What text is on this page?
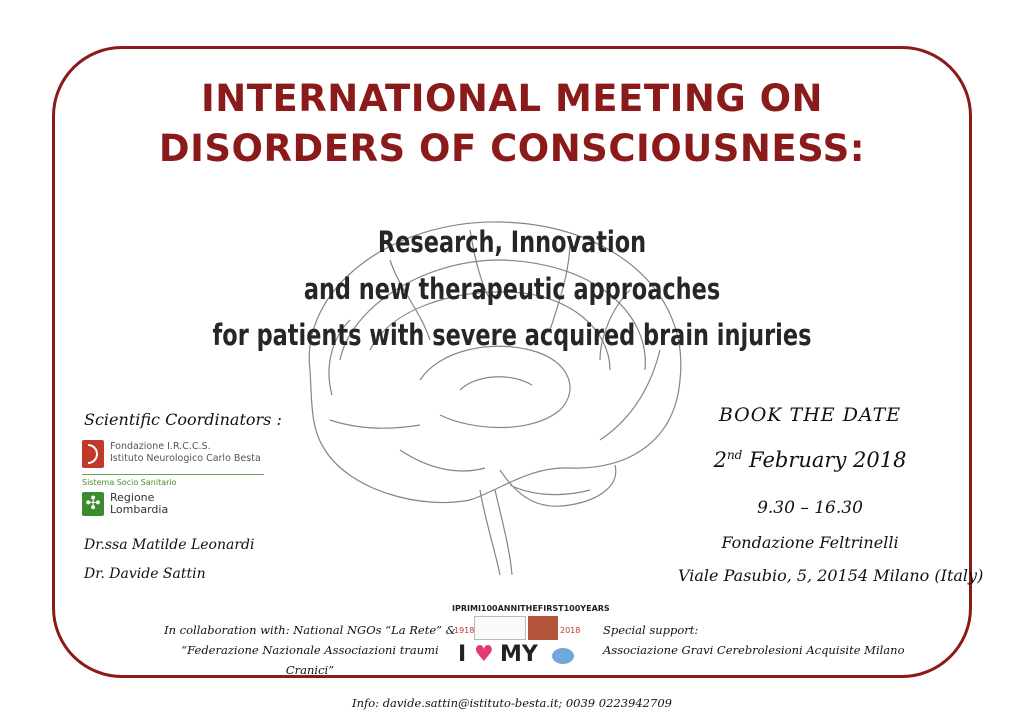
INTERNATIONAL MEETING ON
DISORDERS OF CONSCIOUSNESS:
Research, Innovation
and new therapeutic approaches
for patients with severe acquired brain injuries
Scientific Coordinators :
Fondazione I.R.C.C.S.
Istituto Neurologico Carlo Besta
Sistema Socio Sanitario
✣ Regione
Lombardia
Dr.ssa Matilde Leonardi
Dr. Davide Sattin
BOOK THE DATE
2nd February 2018
9.30 – 16.30
Fondazione Feltrinelli
Viale Pasubio, 5, 20154 Milano (Italy)
In collaboration with: National NGOs “La Rete” &
“Federazione Nazionale Associazioni traumi Cranici”
IPRIMI100ANNITHEFIRST100YEARS
1918	2018
I ♥ MY
Special support:
Associazione Gravi Cerebrolesioni Acquisite Milano
Info: davide.sattin@istituto-besta.it; 0039 0223942709
